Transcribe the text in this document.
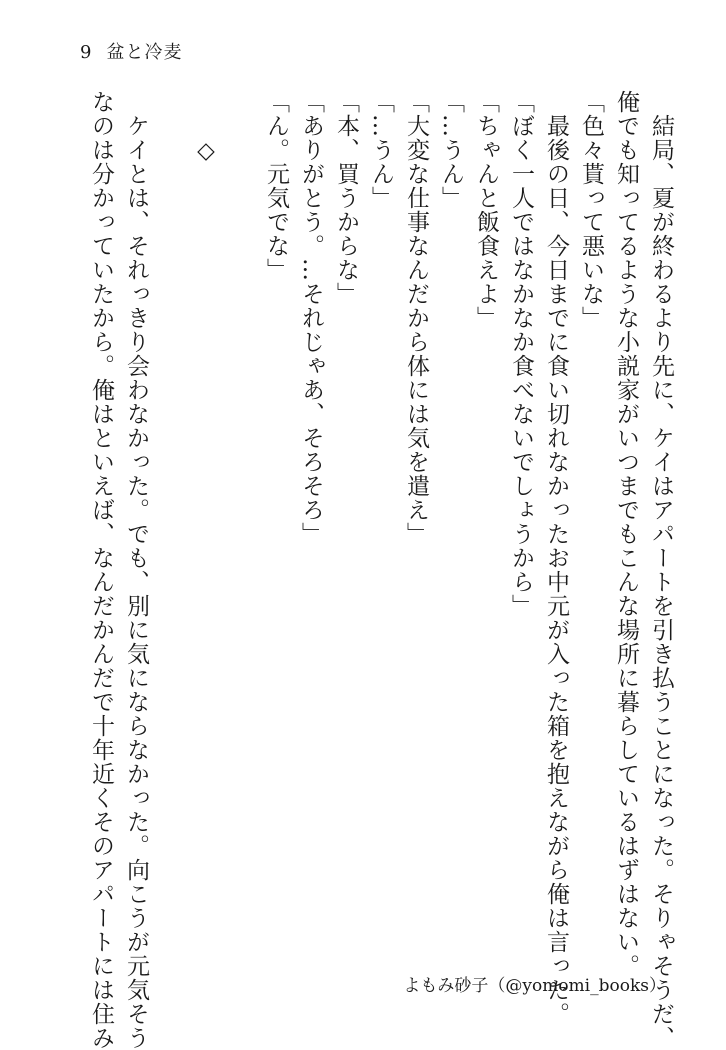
9 盆と冷麦
　結局、夏が終わるより先に、ケイはアパートを引き払うことになった。そりゃそうだ、
俺でも知ってるような小説家がいつまでもこんな場所に暮らしているはずはない。
「色々貰って悪いな」
　最後の日、今日までに食い切れなかったお中元が入った箱を抱えながら俺は言った。
「ぼく一人ではなかなか食べないでしょうから」
「ちゃんと飯食えよ」
「…うん」
「大変な仕事なんだから体には気を遣え」
「…うん」
「本、買うからな」
「ありがとう。…それじゃあ、そろそろ」
「ん。元気でな」
　　◇
　ケイとは、それっきり会わなかった。でも、別に気にならなかった。向こうが元気そう
なのは分かっていたから。俺はといえば、なんだかんだで十年近くそのアパートには住み	よもみ砂子（@yomomi_books）
